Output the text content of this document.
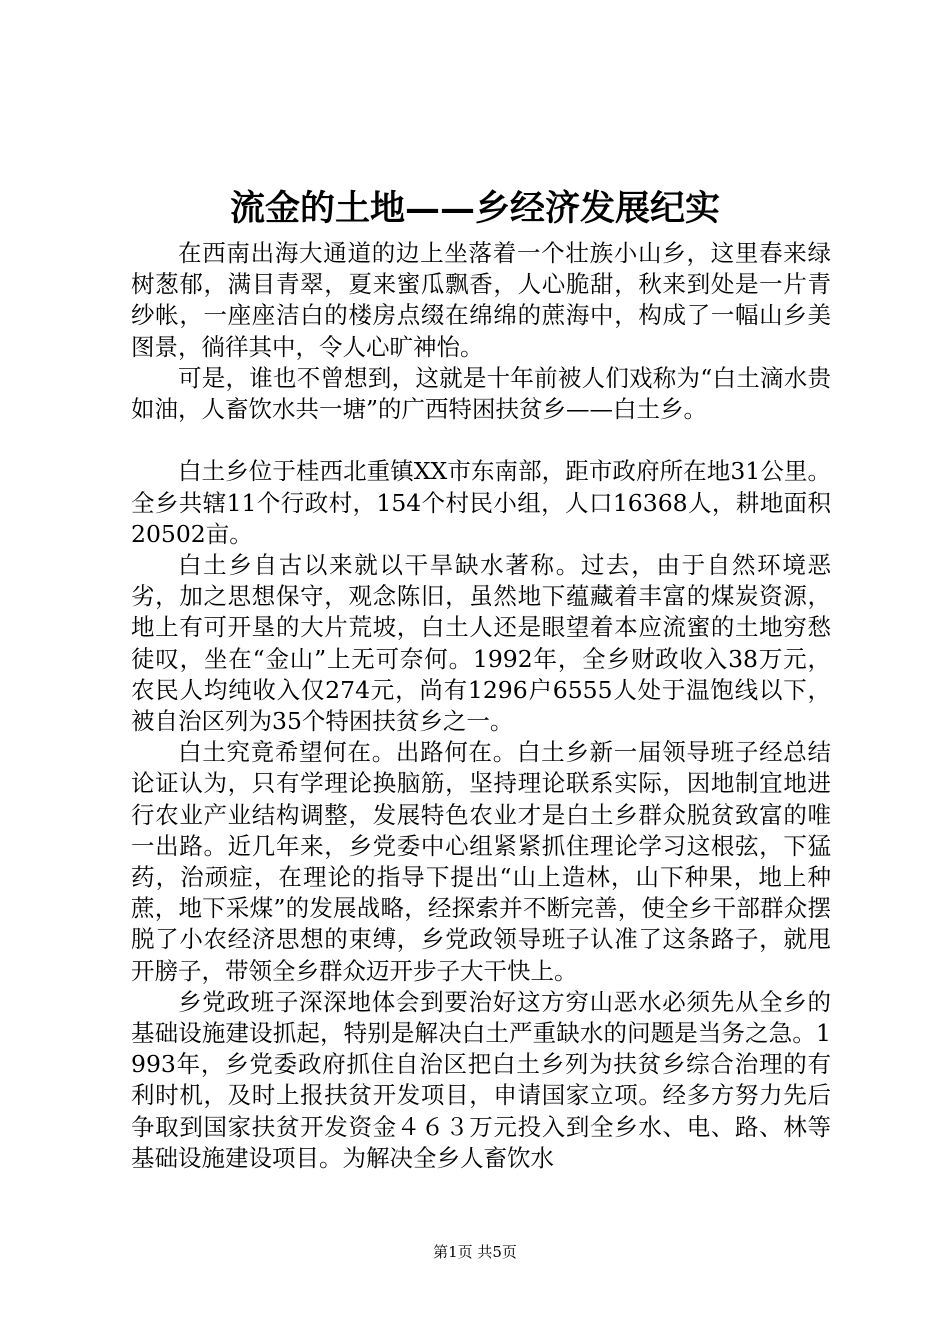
流金的土地——乡经济发展纪实

在西南出海大通道的边上坐落着一个壮族小山乡，这里春来绿树葱郁，满目青翠，夏来蜜瓜飘香，人心脆甜，秋来到处是一片青纱帐，一座座洁白的楼房点缀在绵绵的蔗海中，构成了一幅山乡美图景，徜徉其中，令人心旷神怡。

可是，谁也不曾想到，这就是十年前被人们戏称为“白土滴水贵如油，人畜饮水共一塘”的广西特困扶贫乡——白土乡。

白土乡位于桂西北重镇XX市东南部，距市政府所在地31公里。全乡共辖11个行政村，154个村民小组，人口16368人，耕地面积20502亩。

白土乡自古以来就以干旱缺水著称。过去，由于自然环境恶劣，加之思想保守，观念陈旧，虽然地下蕴藏着丰富的煤炭资源，地上有可开垦的大片荒坡，白土人还是眼望着本应流蜜的土地穷愁徒叹，坐在“金山”上无可奈何。1992年，全乡财政收入38万元，农民人均纯收入仅274元，尚有1296户6555人处于温饱线以下，被自治区列为35个特困扶贫乡之一。

白土究竟希望何在。出路何在。白土乡新一届领导班子经总结论证认为，只有学理论换脑筋，坚持理论联系实际，因地制宜地进行农业产业结构调整，发展特色农业才是白土乡群众脱贫致富的唯一出路。近几年来，乡党委中心组紧紧抓住理论学习这根弦，下猛药，治顽症，在理论的指导下提出“山上造林，山下种果，地上种蔗，地下采煤”的发展战略，经探索并不断完善，使全乡干部群众摆脱了小农经济思想的束缚，乡党政领导班子认准了这条路子，就甩开膀子，带领全乡群众迈开步子大干快上。

乡党政班子深深地体会到要治好这方穷山恶水必须先从全乡的基础设施建设抓起，特别是解决白土严重缺水的问题是当务之急。1993年，乡党委政府抓住自治区把白土乡列为扶贫乡综合治理的有利时机，及时上报扶贫开发项目，申请国家立项。经多方努力先后争取到国家扶贫开发资金４６３万元投入到全乡水、电、路、林等基础设施建设项目。为解决全乡人畜饮水

第1页 共5页
